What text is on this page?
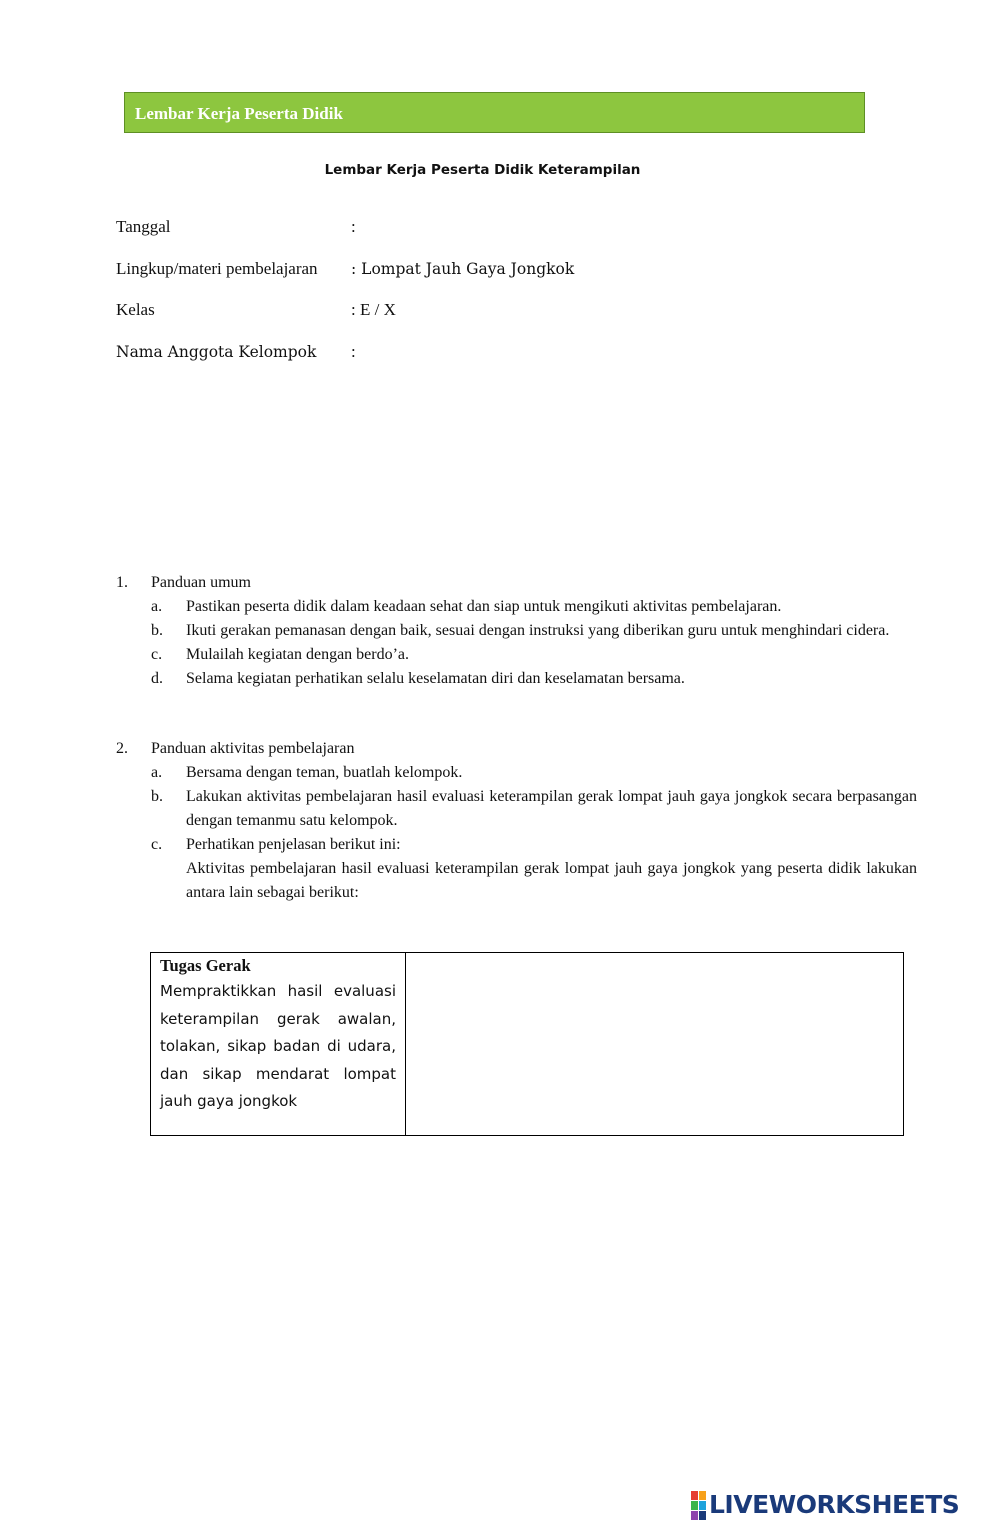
Lembar Kerja Peserta Didik
Lembar Kerja Peserta Didik Keterampilan
Tanggal	:
Lingkup/materi pembelajaran : Lompat Jauh Gaya Jongkok
Kelas	: E / X
Nama Anggota Kelompok :
1. Panduan umum
a. Pastikan peserta didik dalam keadaan sehat dan siap untuk mengikuti aktivitas pembelajaran.
b. Ikuti gerakan pemanasan dengan baik, sesuai dengan instruksi yang diberikan guru untuk menghindari cidera.
c. Mulailah kegiatan dengan berdo’a.
d. Selama kegiatan perhatikan selalu keselamatan diri dan keselamatan bersama.
2. Panduan aktivitas pembelajaran
a. Bersama dengan teman, buatlah kelompok.
b. Lakukan aktivitas pembelajaran hasil evaluasi keterampilan gerak lompat jauh gaya jongkok secara berpasangan dengan temanmu satu kelompok.
c. Perhatikan penjelasan berikut ini:
Aktivitas pembelajaran hasil evaluasi keterampilan gerak lompat jauh gaya jongkok yang peserta didik lakukan antara lain sebagai berikut:
Tugas Gerak
Mempraktikkan hasil evaluasi keterampilan gerak awalan, tolakan, sikap badan di udara, dan sikap mendarat lompat jauh gaya jongkok
LIVEWORKSHEETS
